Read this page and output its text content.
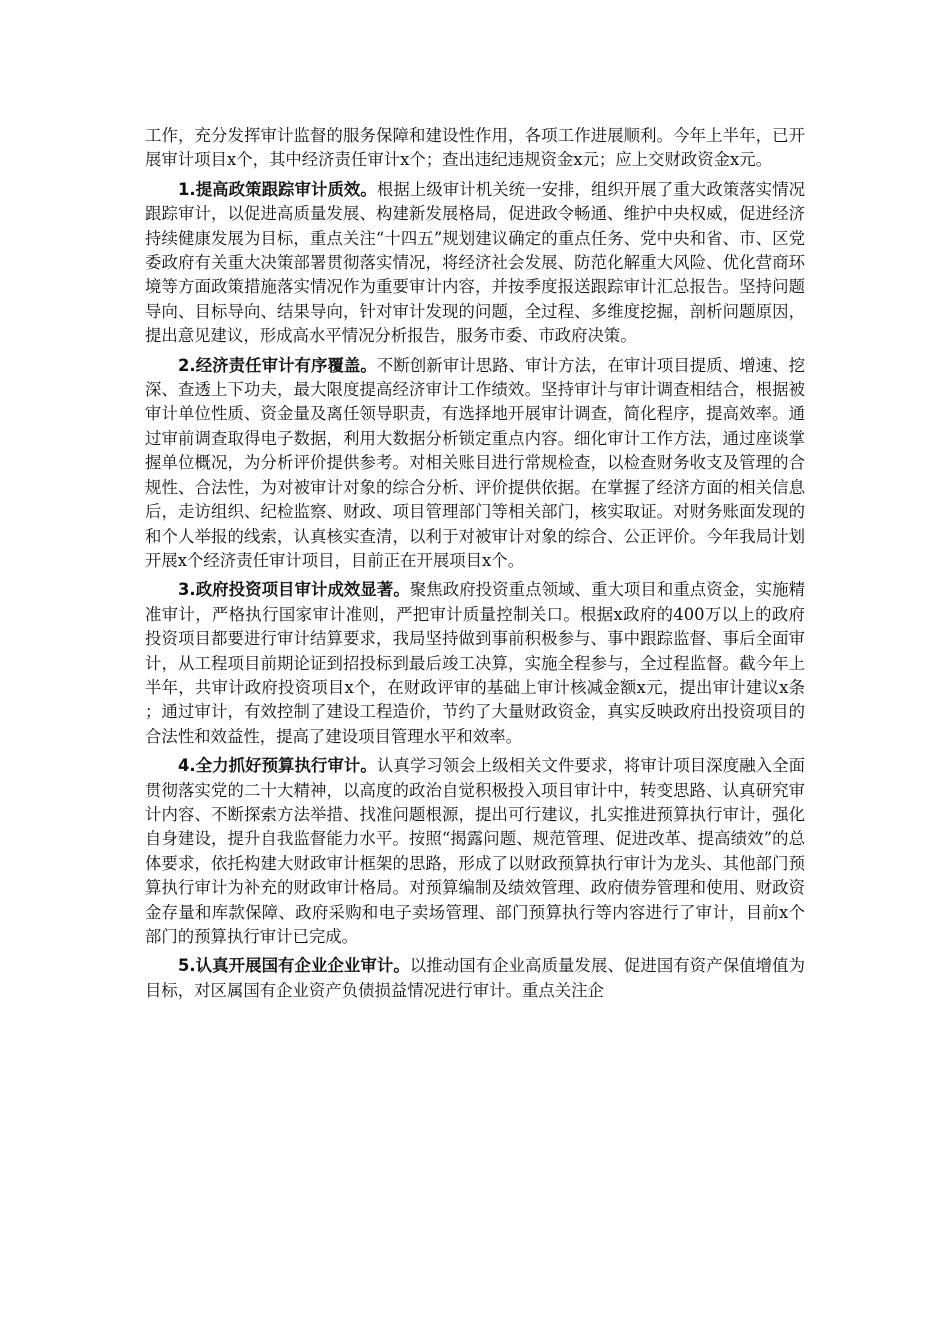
工作，充分发挥审计监督的服务保障和建设性作用，各项工作进展顺利。今年上半年，已开展审计项目x个，其中经济责任审计x个；查出违纪违规资金x元；应上交财政资金x元。

1.提高政策跟踪审计质效。根据上级审计机关统一安排，组织开展了重大政策落实情况跟踪审计，以促进高质量发展、构建新发展格局，促进政令畅通、维护中央权威，促进经济持续健康发展为目标，重点关注“十四五”规划建议确定的重点任务、党中央和省、市、区党委政府有关重大决策部署贯彻落实情况，将经济社会发展、防范化解重大风险、优化营商环境等方面政策措施落实情况作为重要审计内容，并按季度报送跟踪审计汇总报告。坚持问题导向、目标导向、结果导向，针对审计发现的问题，全过程、多维度挖掘，剖析问题原因，提出意见建议，形成高水平情况分析报告，服务市委、市政府决策。

2.经济责任审计有序覆盖。不断创新审计思路、审计方法，在审计项目提质、增速、挖深、查透上下功夫，最大限度提高经济审计工作绩效。坚持审计与审计调查相结合，根据被审计单位性质、资金量及离任领导职责，有选择地开展审计调查，简化程序，提高效率。通过审前调查取得电子数据，利用大数据分析锁定重点内容。细化审计工作方法，通过座谈掌握单位概况，为分析评价提供参考。对相关账目进行常规检查，以检查财务收支及管理的合规性、合法性，为对被审计对象的综合分析、评价提供依据。在掌握了经济方面的相关信息后，走访组织、纪检监察、财政、项目管理部门等相关部门，核实取证。对财务账面发现的和个人举报的线索，认真核实查清，以利于对被审计对象的综合、公正评价。今年我局计划开展x个经济责任审计项目，目前正在开展项目x个。

3.政府投资项目审计成效显著。聚焦政府投资重点领域、重大项目和重点资金，实施精准审计，严格执行国家审计准则，严把审计质量控制关口。根据x政府的400万以上的政府投资项目都要进行审计结算要求，我局坚持做到事前积极参与、事中跟踪监督、事后全面审计，从工程项目前期论证到招投标到最后竣工决算，实施全程参与，全过程监督。截今年上半年，共审计政府投资项目x个，在财政评审的基础上审计核减金额x元，提出审计建议x条；通过审计，有效控制了建设工程造价，节约了大量财政资金，真实反映政府出投资项目的合法性和效益性，提高了建设项目管理水平和效率。

4.全力抓好预算执行审计。认真学习领会上级相关文件要求，将审计项目深度融入全面贯彻落实党的二十大精神，以高度的政治自觉积极投入项目审计中，转变思路、认真研究审计内容、不断探索方法举措、找准问题根源，提出可行建议，扎实推进预算执行审计，强化自身建设，提升自我监督能力水平。按照“揭露问题、规范管理、促进改革、提高绩效”的总体要求，依托构建大财政审计框架的思路，形成了以财政预算执行审计为龙头、其他部门预算执行审计为补充的财政审计格局。对预算编制及绩效管理、政府债券管理和使用、财政资金存量和库款保障、政府采购和电子卖场管理、部门预算执行等内容进行了审计，目前x个部门的预算执行审计已完成。

5.认真开展国有企业企业审计。以推动国有企业高质量发展、促进国有资产保值增值为目标，对区属国有企业资产负债损益情况进行审计。重点关注企
